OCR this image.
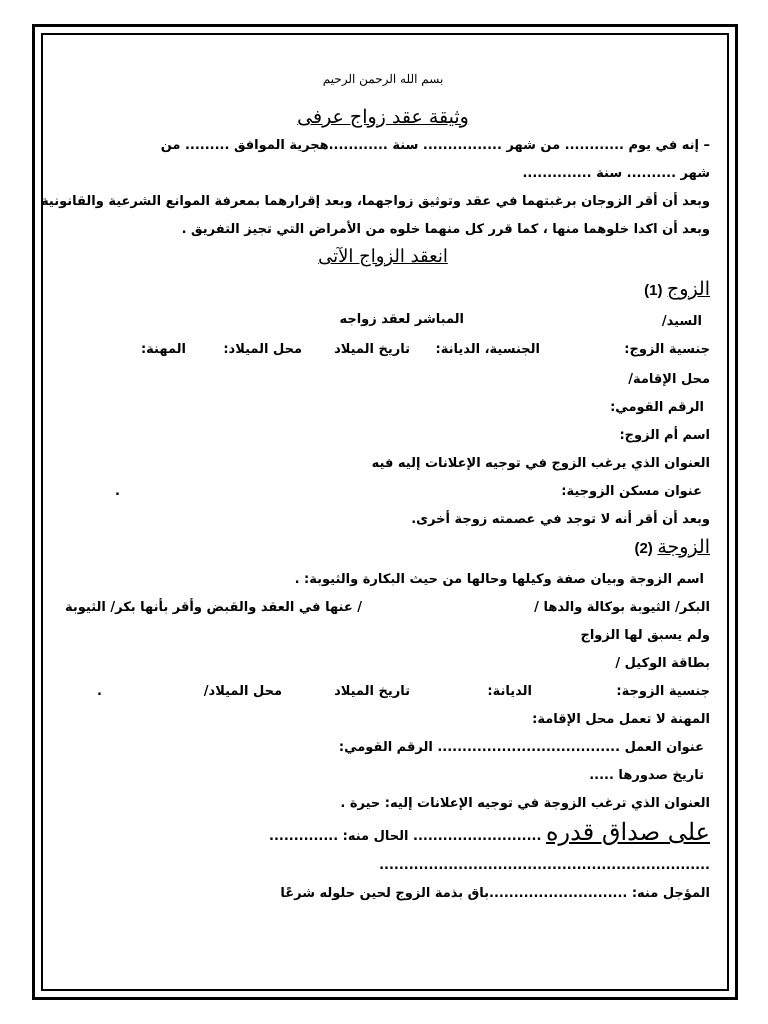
بسم الله الرحمن الرحيم
وثيقة عقد زواج عرفى
– إنه في يوم ............ من شهر ................ سنة ............هجرية الموافق ......... من
شهر .......... سنة ..............
وبعد أن أقر الزوجان برغبتهما في عقد وتوثيق زواجهما، وبعد إقرارهما بمعرفة الموانع الشرعية والقانونية
وبعد أن اكدا خلوهما منها ، كما قرر كل منهما خلوه من الأمراض التي تجيز التفريق .
انعقد الزواج الآتى
الزوج (1)
السيد/
المباشر لعقد زواجه
جنسية الزوج:
الجنسية، الديانة:
تاريخ الميلاد
محل الميلاد:
المهنة:
محل الإقامة/
الرقم القومي:
اسم أم الزوج:
العنوان الذي يرغب الزوج في توجيه الإعلانات إليه فيه
عنوان مسكن الزوجية:
.
وبعد أن أقر أنه لا توجد في عصمته زوجة أخرى.
الزوجة (2)
اسم الزوجة وبيان صفة وكيلها وحالها من حيث البكارة والثيوبة: .
البكر/ الثيوبة بوكالة والدها /
/ عنها في العقد والقبض وأقر بأنها بكر/ الثيوبة
ولم يسبق لها الزواج
بطاقة الوكيل /
جنسية الزوجة:
الديانة:
تاريخ الميلاد
محل الميلاد/
.
المهنة لا تعمل محل الإقامة:
عنوان العمل ..................................... الرقم القومي:
تاريخ صدورها .....
العنوان الذي ترغب الزوجة في توجيه الإعلانات إليه: حيرة .
على صداق قدره .......................... الحال منه: ..............
...................................................................
المؤجل منه: ............................باق بذمة الزوج لحين حلوله شرعًا
